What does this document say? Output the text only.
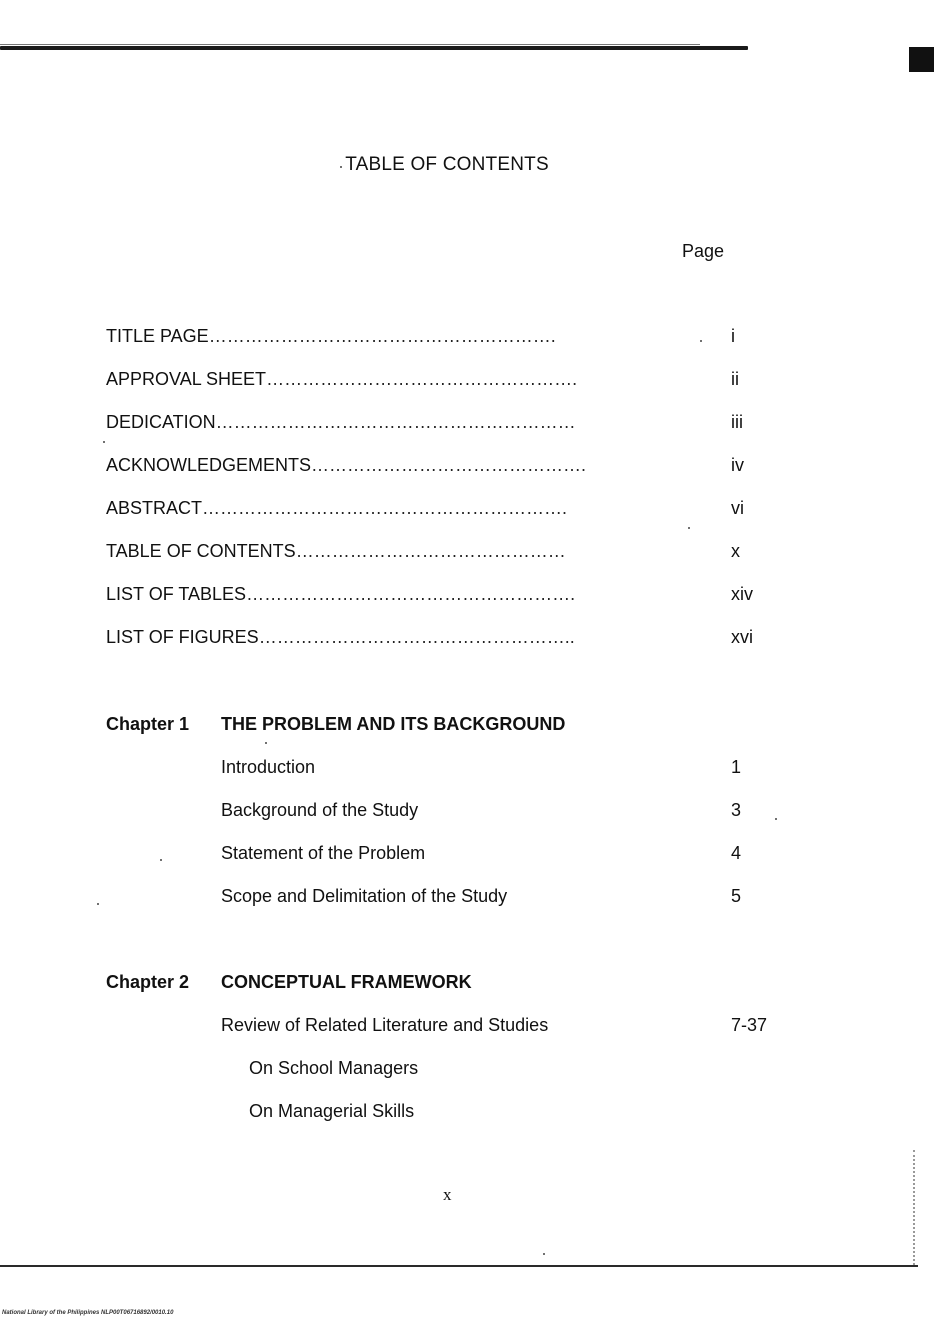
TABLE OF CONTENTS
Page
TITLE PAGE………………………………………………….	i
APPROVAL SHEET…………………………………………….	ii
DEDICATION……………………………………………………	iii
ACKNOWLEDGEMENTS……………………………………….	iv
ABSTRACT…………………………………………………….	vi
TABLE OF CONTENTS………………………………………	x
LIST OF TABLES……………………………………………….	xiv
LIST OF FIGURES……………………………………………..	xvi
Chapter 1 THE PROBLEM AND ITS BACKGROUND
Introduction	1
Background of the Study	3
Statement of the Problem	4
Scope and Delimitation of the Study	5
Chapter 2 CONCEPTUAL FRAMEWORK
Review of Related Literature and Studies	7-37
On School Managers
On Managerial Skills
x
National Library of the Philippines NLP00T06716892/0010.10
